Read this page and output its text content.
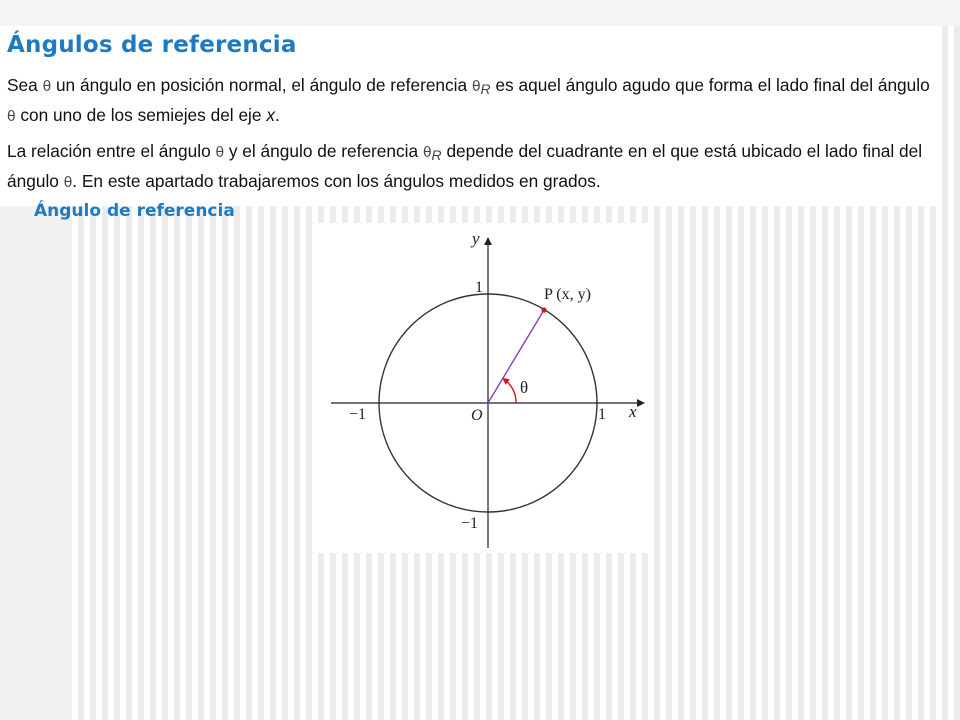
Ángulos de referencia

Sea θ un ángulo en posición normal, el ángulo de referencia $\theta_R$ es aquel ángulo agudo que forma el lado final del ángulo θ con uno de los semiejes del eje x.

La relación entre el ángulo θ y el ángulo de referencia $\theta_R$ depende del cuadrante en el que está ubicado el lado final del ángulo θ. En este apartado trabajaremos con los ángulos medidos en grados.

Ángulo de referencia
y
x
P (x, y)
O
θ
1
−1
−1	1
